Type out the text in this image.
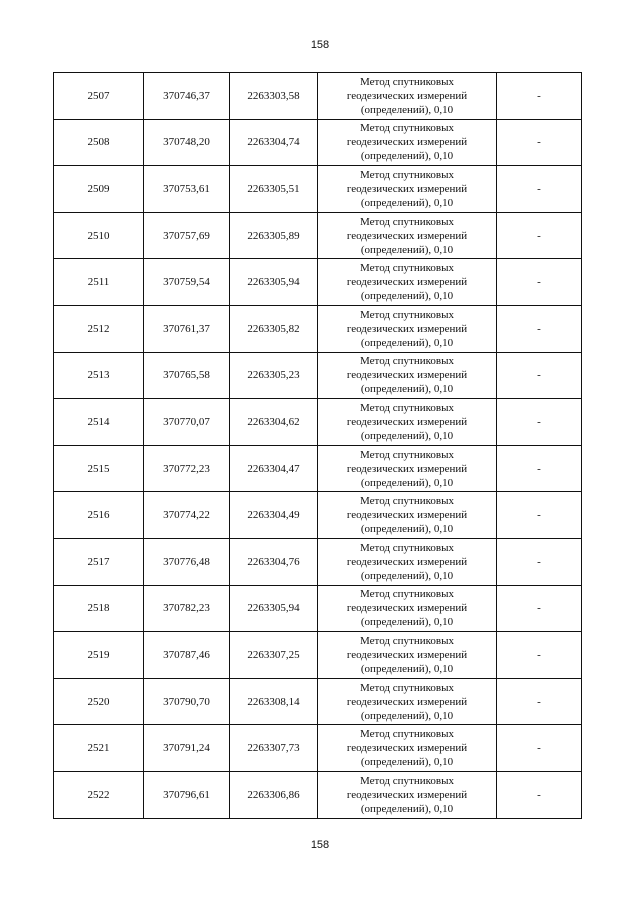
158
2507	370746,37	2263303,58	Метод спутниковых
геодезических измерений
(определений), 0,10	-
2508	370748,20	2263304,74	Метод спутниковых
геодезических измерений
(определений), 0,10	-
2509	370753,61	2263305,51	Метод спутниковых
геодезических измерений
(определений), 0,10	-
2510	370757,69	2263305,89	Метод спутниковых
геодезических измерений
(определений), 0,10	-
2511	370759,54	2263305,94	Метод спутниковых
геодезических измерений
(определений), 0,10	-
2512	370761,37	2263305,82	Метод спутниковых
геодезических измерений
(определений), 0,10	-
2513	370765,58	2263305,23	Метод спутниковых
геодезических измерений
(определений), 0,10	-
2514	370770,07	2263304,62	Метод спутниковых
геодезических измерений
(определений), 0,10	-
2515	370772,23	2263304,47	Метод спутниковых
геодезических измерений
(определений), 0,10	-
2516	370774,22	2263304,49	Метод спутниковых
геодезических измерений
(определений), 0,10	-
2517	370776,48	2263304,76	Метод спутниковых
геодезических измерений
(определений), 0,10	-
2518	370782,23	2263305,94	Метод спутниковых
геодезических измерений
(определений), 0,10	-
2519	370787,46	2263307,25	Метод спутниковых
геодезических измерений
(определений), 0,10	-
2520	370790,70	2263308,14	Метод спутниковых
геодезических измерений
(определений), 0,10	-
2521	370791,24	2263307,73	Метод спутниковых
геодезических измерений
(определений), 0,10	-
2522	370796,61	2263306,86	Метод спутниковых
геодезических измерений
(определений), 0,10	-
158
